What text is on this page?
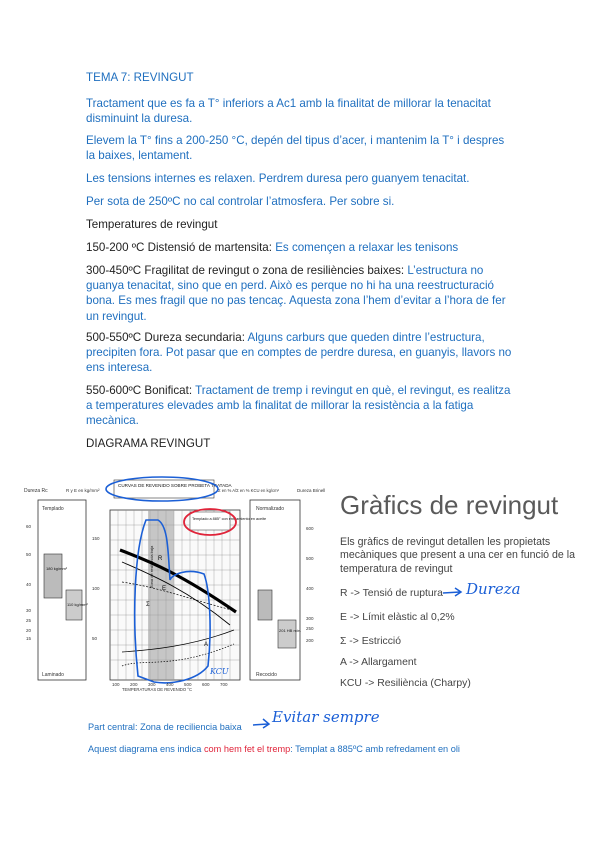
TEMA 7: REVINGUT

Tractament que es fa a T° inferiors a Ac1 amb la finalitat de millorar la tenacitat disminuint la duresa.

Elevem la T° fins a 200-250 °C, depén del tipus d’acer, i mantenim la T° i despres la baixes, lentament.

Les tensions internes es relaxen. Perdrem duresa pero guanyem tenacitat.

Per sota de 250ºC no cal controlar l’atmosfera. Per sobre si.

Temperatures de revingut

150-200 ºC Distensió de martensita: Es començen a relaxar les tenisons

300-450ºC Fragilitat de revingut o zona de resiliències baixes: L’estructura no guanya tenacitat, sino que en perd. Això es perque no hi ha una reestructuració bona. Es mes fragil que no pas tencaç. Aquesta zona l’hem d’evitar a l’hora de fer un revingut.

500-550ºC Dureza secundaria: Alguns carburs que queden dintre l’estructura, precipiten fora. Pot pasar que en comptes de perdre duresa, en guanyis, llavors no ens interesa.

550-600ºC Bonificat: Tractament de tremp i revingut en què, el revingut, es realitza a temperatures elevades amb la finalitat de millorar la resistència a la fatiga mecànica.

DIAGRAMA REVINGUT

Dureza Rc	R y E en kg/mm²	Σ en % A/Σ en % KCU en kg/cm²	Dureza Brinell
Templado
Laminado
180 kg/mm²
110 kg/mm²
60
50
40
30
25
20
15
150
100
50
Zona de resiliencia baja R
E
Σ
A
CURVAS DE REVENIDO SOBRE PROBETA TRATADA
Templado a 885° con enfriamiento en aceite
KCU
100 200 300 400 500 600 700
TEMPERATURAS DE REVENIDO °C
Normalizado
Recocido
201 HB mín.
600
500
400
300
250
200

Gràfics de revingut

Els gràfics de revingut detallen les propietats mecàniques que present a una cer en funció de la temperatura de revingut

R -> Tensió de ruptura

E -> Límit elàstic al 0,2%

Σ -> Estricció

A -> Allargament

KCU -> Resiliència (Charpy)

Dureza

Part central: Zona de reciliencia baixa

Evitar sempre

Aquest diagrama ens indica com hem fet el tremp: Templat a 885ºC amb refredament en oli
